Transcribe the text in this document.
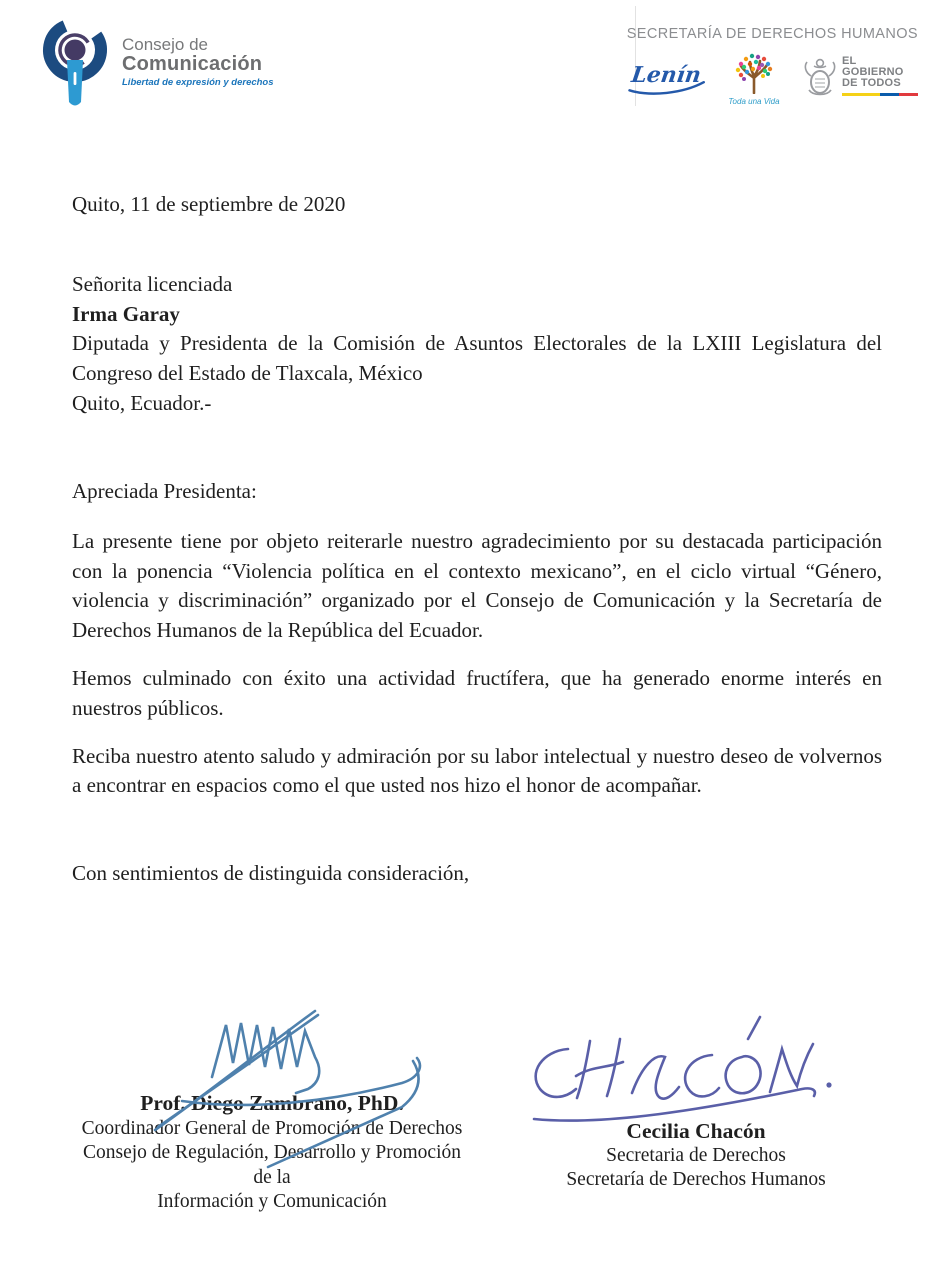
Consejo de
Comunicación
Libertad de expresión y derechos
SECRETARÍA DE DERECHOS HUMANOS
Lenín
Toda una Vida
EL
GOBIERNO
DE TODOS
Quito, 11 de septiembre de 2020
Señorita licenciada
Irma Garay
Diputada y Presidenta de la Comisión de Asuntos Electorales de la LXIII Legislatura del Congreso del Estado de Tlaxcala, México
Quito, Ecuador.-
Apreciada Presidenta:
La presente tiene por objeto reiterarle nuestro agradecimiento por su destacada participación con la ponencia “Violencia política en el contexto mexicano”, en el ciclo virtual “Género, violencia y discriminación” organizado por el Consejo de Comunicación y la Secretaría de Derechos Humanos de la República del Ecuador.
Hemos culminado con éxito una actividad fructífera, que ha generado enorme interés en nuestros públicos.
Reciba nuestro atento saludo y admiración por su labor intelectual y nuestro deseo de volvernos a encontrar en espacios como el que usted nos hizo el honor de acompañar.
Con sentimientos de distinguida consideración,
Prof. Diego Zambrano, PhD.
Coordinador General de Promoción de Derechos
Consejo de Regulación, Desarrollo y Promoción de la
Información y Comunicación
Cecilia Chacón
Secretaria de Derechos
Secretaría de Derechos Humanos
